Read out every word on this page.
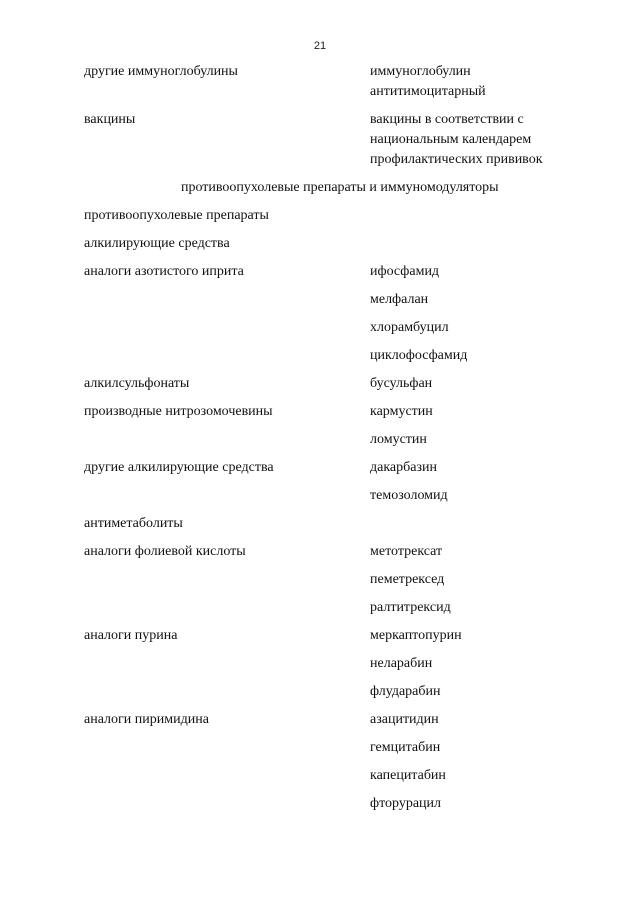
21
другие иммуноглобулины	иммуноглобулин
антитимоцитарный
вакцины	вакцины в соответствии с
национальным календарем
профилактических прививок
противоопухолевые препараты и иммуномодуляторы
противоопухолевые препараты
алкилирующие средства
аналоги азотистого иприта	ифосфамид
мелфалан
хлорамбуцил
циклофосфамид
алкилсульфонаты	бусульфан
производные нитрозомочевины	кармустин
ломустин
другие алкилирующие средства	дакарбазин
темозоломид
антиметаболиты
аналоги фолиевой кислоты	метотрексат
пеметрексед
ралтитрексид
аналоги пурина	меркаптопурин
неларабин
флударабин
аналоги пиримидина	азацитидин
гемцитабин
капецитабин
фторурацил
